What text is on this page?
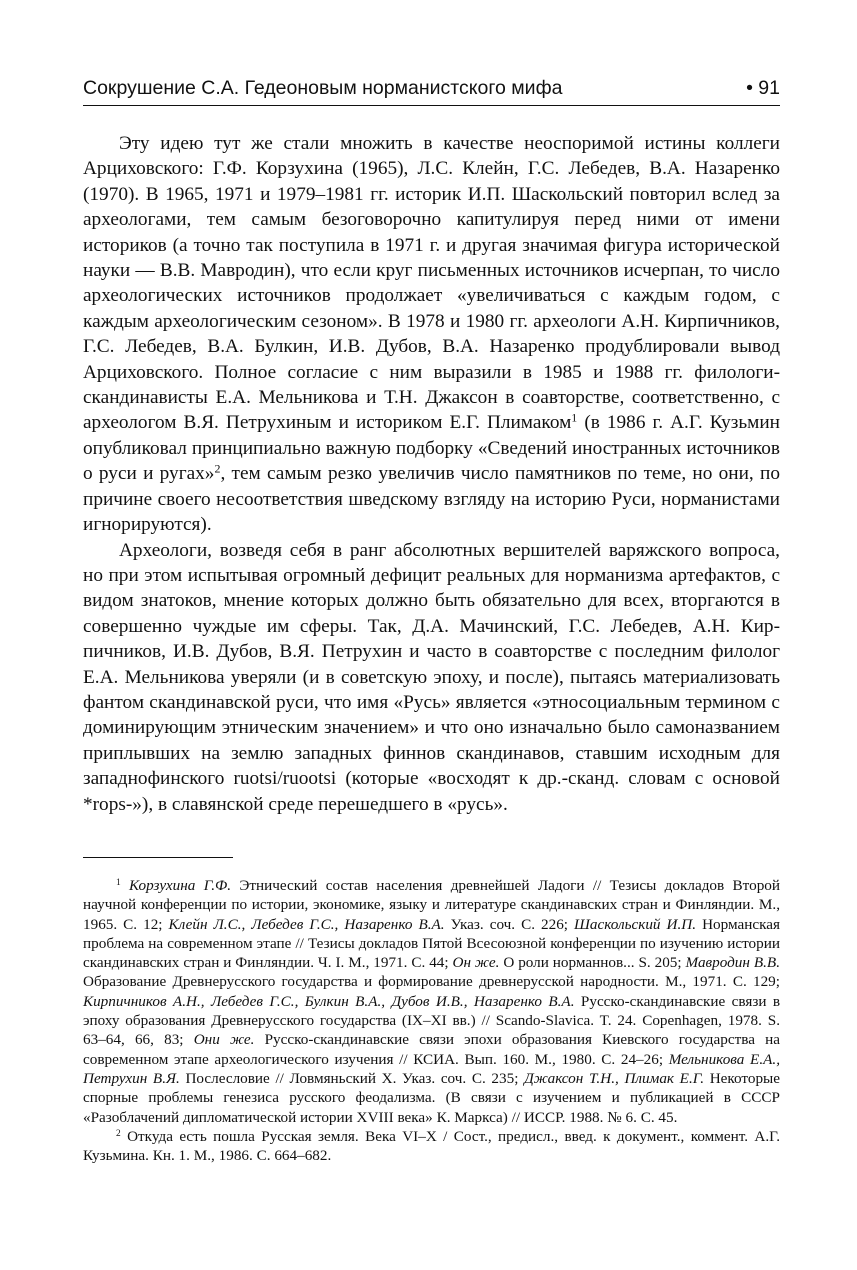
Сокрушение С.А. Гедеоновым норманистского мифа	• 91

Эту идею тут же стали множить в качестве неоспоримой истины коллеги Арциховского: Г.Ф. Корзухина (1965), Л.С. Клейн, Г.С. Лебедев, В.А. Назаренко (1970). В 1965, 1971 и 1979–1981 гг. историк И.П. Шаскольский повторил вслед за археологами, тем самым безоговорочно капитулируя перед ними от имени историков (а точно так поступила в 1971 г. и другая значимая фигура исторической науки — В.В. Мавродин), что если круг письменных источников исчерпан, то число археологических источников продолжает «увеличиваться с каждым годом, с каждым археологическим сезоном». В 1978 и 1980 гг. археологи А.Н. Кирпичников, Г.С. Лебедев, В.А. Булкин, И.В. Дубов, В.А. Назаренко продублировали вывод Арциховского. Полное согласие с ним выразили в 1985 и 1988 гг. филологи-скандинависты Е.А. Мельникова и Т.Н. Джаксон в соавторстве, соответственно, с археологом В.Я. Петрухиным и историком Е.Г. Плимаком$^1$ (в 1986 г. А.Г. Кузьмин опубликовал принципиально важную подборку «Сведений иностранных источников о руси и ругах»$^2$, тем самым резко увеличив число памятников по теме, но они, по причине своего несоответствия шведскому взгляду на историю Руси, норманистами игнорируются).

Археологи, возведя себя в ранг абсолютных вершителей варяжского вопроса, но при этом испытывая огромный дефицит реальных для норманизма артефактов, с видом знатоков, мнение которых должно быть обязательно для всех, вторгаются в совершенно чуждые им сферы. Так, Д.А. Мачинский, Г.С. Лебедев, А.Н. Кирпичников, И.В. Дубов, В.Я. Петрухин и часто в соавторстве с последним филолог Е.А. Мельникова уверяли (и в советскую эпоху, и после), пытаясь материализовать фантом скандинавской руси, что имя «Русь» является «этносоциальным термином с доминирующим этническим значением» и что оно изначально было самоназванием приплывших на землю западных финнов скандинавов, ставшим исходным для западнофинского ruotsi/ruootsi (которые «восходят к др.-сканд. словам с основой *rops-»), в славянской среде перешедшего в «русь».

$^1$ Корзухина Г.Ф. Этнический состав населения древнейшей Ладоги // Тезисы докладов Второй научной конференции по истории, экономике, языку и литературе скандинавских стран и Финляндии. М., 1965. С. 12; Клейн Л.С., Лебедев Г.С., Назаренко В.А. Указ. соч. С. 226; Шаскольский И.П. Норманская проблема на современном этапе // Тезисы докладов Пятой Всесоюзной конференции по изучению истории скандинавских стран и Финляндии. Ч. I. М., 1971. С. 44; Он же. О роли норманнов... S. 205; Мавродин В.В. Образование Древнерусского государства и формирование древнерусской народности. М., 1971. С. 129; Кирпичников А.Н., Лебедев Г.С., Булкин В.А., Дубов И.В., Назаренко В.А. Русско-скандинавские связи в эпоху образования Древнерусского государства (IX–XI вв.) // Scando-Slavica. T. 24. Copenhagen, 1978. S. 63–64, 66, 83; Они же. Русско-скандинавские связи эпохи образования Киевского государства на современном этапе археологического изучения // КСИА. Вып. 160. М., 1980. С. 24–26; Мельникова Е.А., Петрухин В.Я. Послесловие // Ловмяньский Х. Указ. соч. С. 235; Джаксон Т.Н., Плимак Е.Г. Некоторые спорные проблемы генезиса русского феодализма. (В связи с изучением и публикацией в СССР «Разоблачений дипломатической истории XVIII века» К. Маркса) // ИССР. 1988. № 6. С. 45.

$^2$ Откуда есть пошла Русская земля. Века VI–X / Сост., предисл., введ. к документ., коммент. А.Г. Кузьмина. Кн. 1. М., 1986. С. 664–682.
